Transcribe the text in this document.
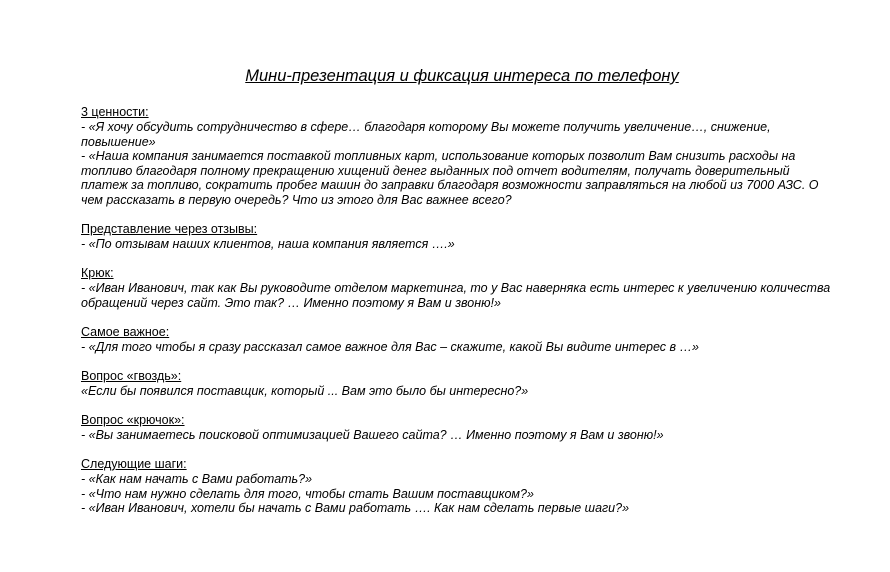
Мини-презентация и фиксация интереса по телефону
3 ценности:
- «Я хочу обсудить сотрудничество в сфере… благодаря которому Вы можете получить увеличение…, снижение, повышение»
- «Наша компания занимается поставкой топливных карт, использование которых позволит Вам снизить расходы на топливо благодаря полному прекращению хищений денег выданных под отчет водителям, получать доверительный платеж за топливо, сократить пробег машин до заправки благодаря возможности заправляться на любой из 7000 АЗС. О чем рассказать в первую очередь? Что из этого для Вас важнее всего?
Представление через отзывы:
- «По отзывам наших клиентов, наша компания является ….»
Крюк:
- «Иван Иванович, так как Вы руководите отделом маркетинга, то у Вас наверняка есть интерес к увеличению количества обращений через сайт. Это так? … Именно поэтому я Вам и звоню!»
Самое важное:
- «Для того чтобы я сразу рассказал самое важное для Вас – скажите, какой Вы видите интерес в …»
Вопрос «гвоздь»:
«Если бы появился поставщик, который ... Вам это было бы интересно?»
Вопрос «крючок»:
- «Вы занимаетесь поисковой оптимизацией Вашего сайта? … Именно поэтому я Вам и звоню!»
Следующие шаги:
- «Как нам начать с Вами работать?»
- «Что нам нужно сделать для того, чтобы стать Вашим поставщиком?»
- «Иван Иванович, хотели бы начать с Вами работать …. Как нам сделать первые шаги?»
